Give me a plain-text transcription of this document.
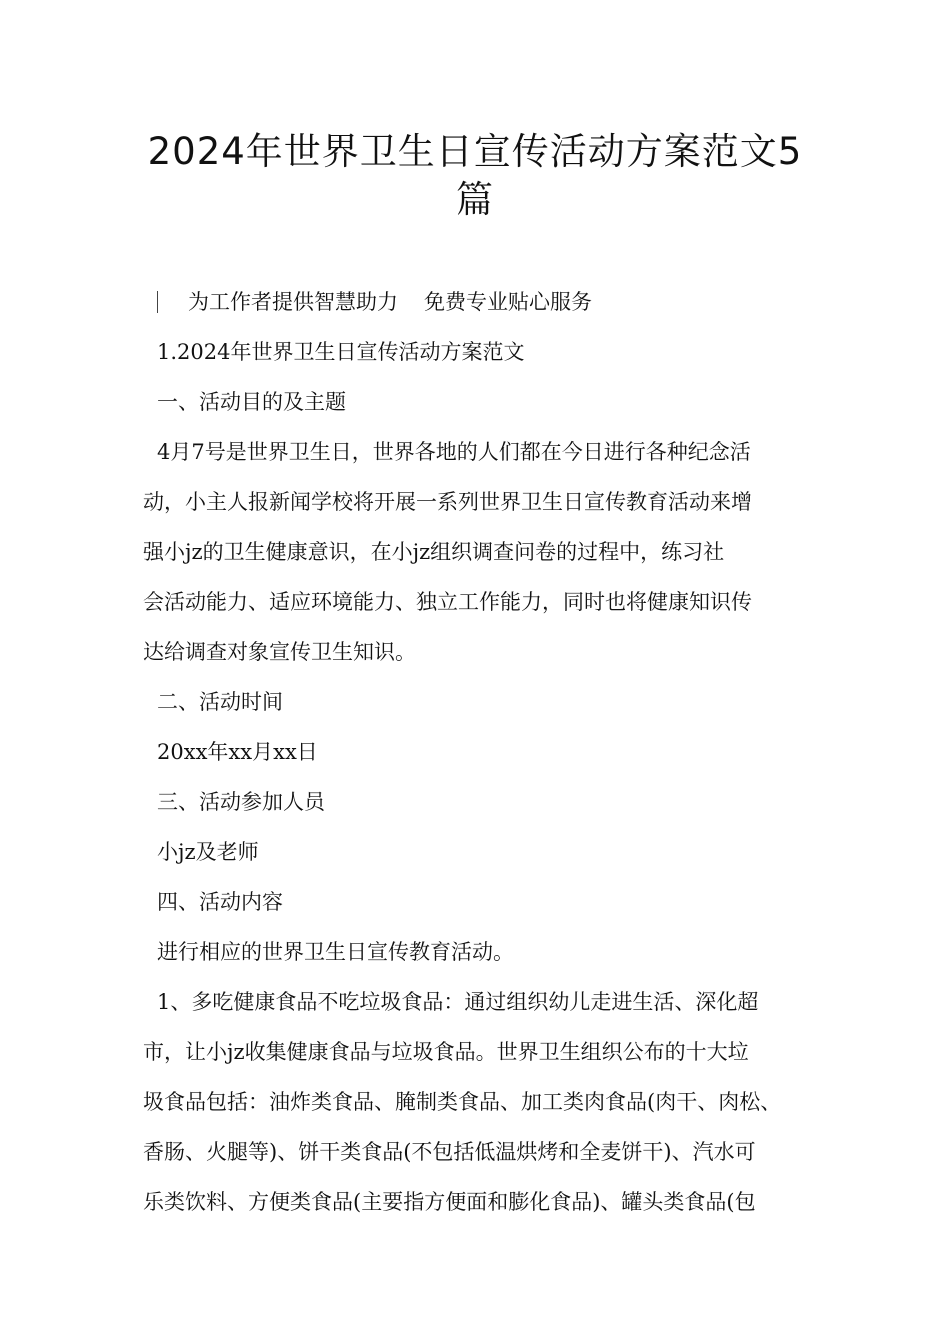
2024年世界卫生日宣传活动方案范文5
篇
为工作者提供智慧助力 免费专业贴心服务

1.2024年世界卫生日宣传活动方案范文

一、活动目的及主题

4月7号是世界卫生日，世界各地的人们都在今日进行各种纪念活

动，小主人报新闻学校将开展一系列世界卫生日宣传教育活动来增

强小jz的卫生健康意识，在小jz组织调查问卷的过程中，练习社

会活动能力、适应环境能力、独立工作能力，同时也将健康知识传

达给调查对象宣传卫生知识。

二、活动时间

20xx年xx月xx日

三、活动参加人员

小jz及老师

四、活动内容

进行相应的世界卫生日宣传教育活动。

1、多吃健康食品不吃垃圾食品：通过组织幼儿走进生活、深化超

市，让小jz收集健康食品与垃圾食品。世界卫生组织公布的十大垃

圾食品包括：油炸类食品、腌制类食品、加工类肉食品(肉干、肉松、

香肠、火腿等)、饼干类食品(不包括低温烘烤和全麦饼干)、汽水可

乐类饮料、方便类食品(主要指方便面和膨化食品)、罐头类食品(包
